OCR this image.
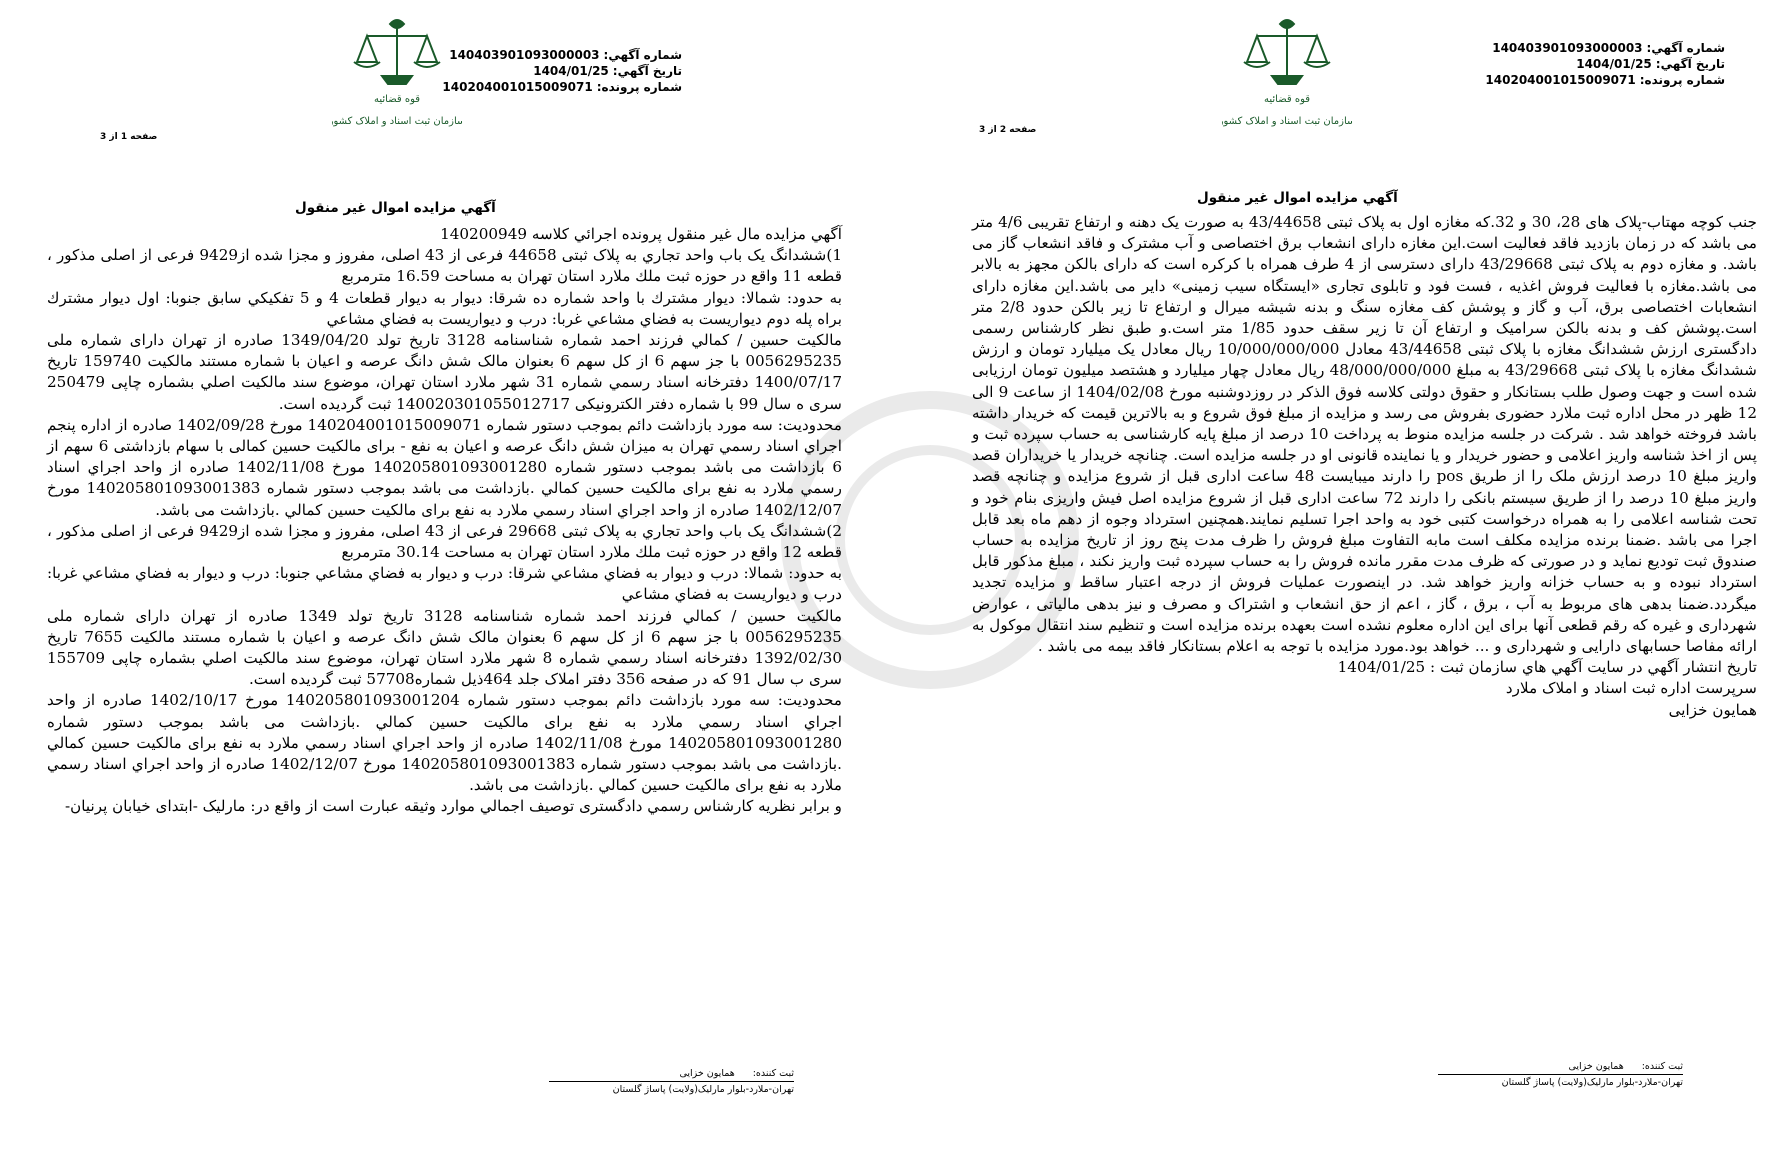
قوه قضائیه
سازمان ثبت اسناد و املاک کشور
شماره آگهي:
140403901093000003
تاريخ آگهي:
1404/01/25
شماره پرونده:
140204001015009071
صفحه 1 از 3
آگهي مزايده اموال غير منقول

آگهي مزايده مال غير منقول پرونده اجرائي كلاسه 140200949

1)ششدانگ يک باب واحد تجاري به پلاک ثبتی 44658 فرعی از 43 اصلی، مفروز و مجزا شده از9429 فرعی از اصلی مذكور ، قطعه 11 واقع در حوزه ثبت ملك ملارد استان تهران به مساحت 16.59 مترمربع

به حدود: شمالا: ديوار مشترك با واحد شماره ده شرقا: ديوار به ديوار قطعات 4 و 5 تفكيكي سابق جنوبا: اول ديوار مشترك براه پله دوم ديواريست به فضاي مشاعي غربا: درب و ديواريست به فضاي مشاعي

مالكيت حسين / كمالي فرزند احمد شماره شناسنامه 3128 تاريخ تولد 1349/04/20 صادره از تهران دارای شماره ملی 0056295235 با جز سهم 6 از كل سهم 6 بعنوان مالک شش دانگ عرصه و اعيان با شماره مستند مالكيت 159740 تاريخ 1400/07/17 دفترخانه اسناد رسمي شماره 31 شهر ملارد استان تهران، موضوع سند مالكيت اصلي بشماره چاپی 250479 سری ه سال 99 با شماره دفتر الكترونيكی 140020301055012717 ثبت گرديده است.

محدوديت: سه مورد بازداشت دائم بموجب دستور شماره 140204001015009071 مورخ 1402/09/28 صادره از اداره پنجم اجراي اسناد رسمي تهران به ميزان شش دانگ عرصه و اعيان به نفع - برای مالكيت حسين كمالی با سهام بازداشتی 6 سهم از 6 بازداشت می باشد بموجب دستور شماره 140205801093001280 مورخ 1402/11/08 صادره از واحد اجراي اسناد رسمي ملارد به نفع برای مالكيت حسين كمالي .بازداشت می باشد بموجب دستور شماره 140205801093001383 مورخ 1402/12/07 صادره از واحد اجراي اسناد رسمي ملارد به نفع برای مالكيت حسين كمالي .بازداشت می باشد.

2)ششدانگ يک باب واحد تجاري به پلاک ثبتی 29668 فرعی از 43 اصلی، مفروز و مجزا شده از9429 فرعی از اصلی مذكور ، قطعه 12 واقع در حوزه ثبت ملك ملارد استان تهران به مساحت 30.14 مترمربع

به حدود: شمالا: درب و ديوار به فضاي مشاعي شرقا: درب و ديوار به فضاي مشاعي جنوبا: درب و ديوار به فضاي مشاعي غربا: درب و ديواريست به فضاي مشاعي

مالكيت حسين / كمالي فرزند احمد شماره شناسنامه 3128 تاريخ تولد 1349 صادره از تهران دارای شماره ملی 0056295235 با جز سهم 6 از كل سهم 6 بعنوان مالک شش دانگ عرصه و اعيان با شماره مستند مالكيت 7655 تاريخ 1392/02/30 دفترخانه اسناد رسمي شماره 8 شهر ملارد استان تهران، موضوع سند مالكيت اصلي بشماره چاپی 155709 سری ب سال 91 كه در صفحه 356 دفتر املاک جلد 464ذيل شماره57708 ثبت گرديده است.

محدوديت: سه مورد بازداشت دائم بموجب دستور شماره 140205801093001204 مورخ 1402/10/17 صادره از واحد اجراي اسناد رسمي ملارد به نفع برای مالكيت حسين كمالي .بازداشت می باشد بموجب دستور شماره 140205801093001280 مورخ 1402/11/08 صادره از واحد اجراي اسناد رسمي ملارد به نفع برای مالكيت حسين كمالي .بازداشت می باشد بموجب دستور شماره 140205801093001383 مورخ 1402/12/07 صادره از واحد اجراي اسناد رسمي ملارد به نفع برای مالكيت حسين كمالي .بازداشت می باشد.

و برابر نظريه كارشناس رسمي دادگستری توصيف اجمالي موارد وثيقه عبارت است از واقع در: مارليک -ابتدای خيابان پرنيان-

ثبت كننده:
همايون خزايی
تهران-ملارد-بلوار مارليک(ولايت) پاساژ گلستان
قوه قضائیه
سازمان ثبت اسناد و املاک کشور
شماره آگهي:
140403901093000003
تاريخ آگهي:
1404/01/25
شماره پرونده:
140204001015009071
صفحه 2 از 3
آگهي مزايده اموال غير منقول

جنب كوچه مهتاب-پلاک های 28، 30 و 32.كه مغازه اول به پلاک ثبتی 43/44658 به صورت يک دهنه و ارتفاع تقريبی 4/6 متر می باشد كه در زمان بازديد فاقد فعاليت است.اين مغازه دارای انشعاب برق اختصاصی و آب مشترک و فاقد انشعاب گاز می باشد. و مغازه دوم به پلاک ثبتی 43/29668 دارای دسترسی از 4 طرف همراه با كركره است كه دارای بالكن مجهز به بالابر می باشد.مغازه با فعاليت فروش اغذيه ، فست فود و تابلوی تجاری «ايستگاه سيب زمينی» داير می باشد.اين مغازه دارای انشعابات اختصاصی برق، آب و گاز و پوشش كف مغازه سنگ و بدنه شيشه ميرال و ارتفاع تا زير بالكن حدود 2/8 متر است.پوشش كف و بدنه بالكن سراميک و ارتفاع آن تا زير سقف حدود 1/85 متر است.و طبق نظر كارشناس رسمی دادگستری ارزش ششدانگ مغازه با پلاک ثبتی 43/44658 معادل 10/000/000/000 ريال معادل يک ميليارد تومان و ارزش ششدانگ مغازه با پلاک ثبتی 43/29668 به مبلغ 48/000/000/000 ريال معادل چهار ميليارد و هشتصد ميليون تومان ارزيابی شده است و جهت وصول طلب بستانكار و حقوق دولتی كلاسه فوق الذكر در روزدوشنبه مورخ 1404/02/08 از ساعت 9 الی 12 ظهر در محل اداره ثبت ملارد حضوری بفروش می رسد و مزايده از مبلغ فوق شروع و به بالاترين قيمت كه خريدار داشته باشد فروخته خواهد شد . شركت در جلسه مزايده منوط به پرداخت 10 درصد از مبلغ پايه كارشناسی به حساب سپرده ثبت و پس از اخذ شناسه واريز اعلامی و حضور خريدار و يا نماينده قانونی او در جلسه مزايده است. چنانچه خريدار يا خريداران قصد واريز مبلغ 10 درصد ارزش ملک را از طريق pos را دارند ميبايست 48 ساعت اداری قبل از شروع مزايده و چنانچه قصد واريز مبلغ 10 درصد را از طريق سيستم بانكی را دارند 72 ساعت اداری قبل از شروع مزايده اصل فيش واريزی بنام خود و تحت شناسه اعلامی را به همراه درخواست كتبی خود به واحد اجرا تسليم نمايند.همچنين استرداد وجوه از دهم ماه بعد قابل اجرا می باشد .ضمنا برنده مزايده مكلف است مابه التفاوت مبلغ فروش را ظرف مدت پنج روز از تاريخ مزايده به حساب صندوق ثبت توديع نمايد و در صورتی كه ظرف مدت مقرر مانده فروش را به حساب سپرده ثبت واريز نكند ، مبلغ مذكور قابل استرداد نبوده و به حساب خزانه واريز خواهد شد. در اينصورت عمليات فروش از درجه اعتبار ساقط و مزايده تجديد ميگردد.ضمنا بدهی های مربوط به آب ، برق ، گاز ، اعم از حق انشعاب و اشتراک و مصرف و نيز بدهی مالياتی ، عوارض شهرداری و غيره كه رقم قطعی آنها برای اين اداره معلوم نشده است بعهده برنده مزايده است و تنظيم سند انتقال موكول به ارائه مفاصا حسابهای دارايی و شهرداری و ... خواهد بود.مورد مزايده با توجه به اعلام بستانكار فاقد بيمه می باشد .

تاريخ انتشار آگهي در سايت آگهي هاي سازمان ثبت : 1404/01/25

سرپرست اداره ثبت اسناد و املاک ملارد

همايون خزايی

ثبت كننده:
همايون خزايی
تهران-ملارد-بلوار مارليک(ولايت) پاساژ گلستان
